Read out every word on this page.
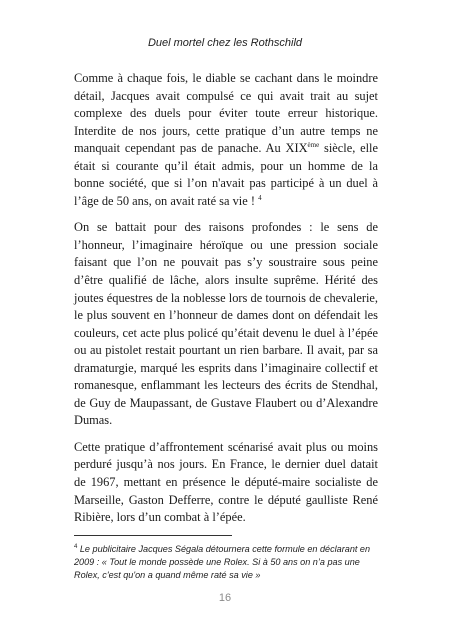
Duel mortel chez les Rothschild

Comme à chaque fois, le diable se cachant dans le moindre détail, Jacques avait compulsé ce qui avait trait au sujet complexe des duels pour éviter toute erreur historique. Interdite de nos jours, cette pratique d’un autre temps ne manquait cependant pas de panache. Au XIXème siècle, elle était si courante qu’il était admis, pour un homme de la bonne société, que si l’on n'avait pas participé à un duel à l’âge de 50 ans, on avait raté sa vie ! $^4$

On se battait pour des raisons profondes : le sens de l’honneur, l’imaginaire héroïque ou une pression sociale faisant que l’on ne pouvait pas s’y soustraire sous peine d’être qualifié de lâche, alors insulte suprême. Hérité des joutes équestres de la noblesse lors de tournois de chevalerie, le plus souvent en l’honneur de dames dont on défendait les couleurs, cet acte plus policé qu’était devenu le duel à l’épée ou au pistolet restait pourtant un rien barbare. Il avait, par sa dramaturgie, marqué les esprits dans l’imaginaire collectif et romanesque, enflammant les lecteurs des écrits de Stendhal, de Guy de Maupassant, de Gustave Flaubert ou d’Alexandre Dumas.

Cette pratique d’affrontement scénarisé avait plus ou moins perduré jusqu’à nos jours. En France, le dernier duel datait de 1967, mettant en présence le député-maire socialiste de Marseille, Gaston Defferre, contre le député gaulliste René Ribière, lors d’un combat à l’épée.

$^4$ Le publicitaire Jacques Ségala détournera cette formule en déclarant en 2009 : « Tout le monde possède une Rolex. Si à 50 ans on n’a pas une Rolex, c'est qu'on a quand même raté sa vie »
16
